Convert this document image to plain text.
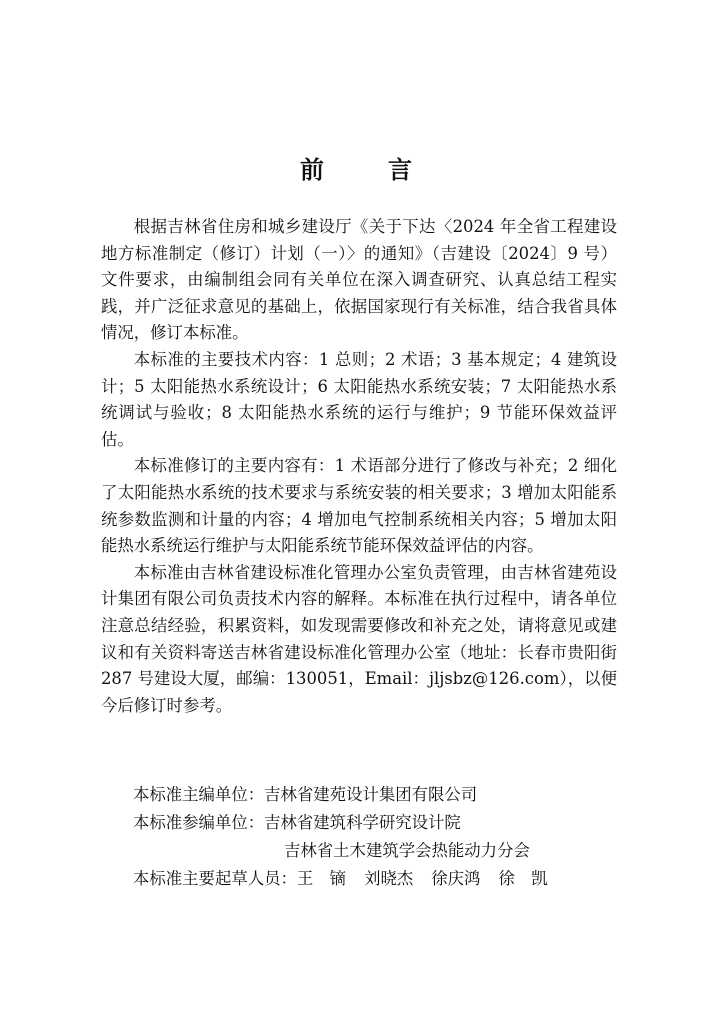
前　言

根据吉林省住房和城乡建设厅《关于下达〈2024 年全省工程建设地方标准制定（修订）计划（一）〉的通知》（吉建设〔2024〕9 号）文件要求，由编制组会同有关单位在深入调查研究、认真总结工程实践，并广泛征求意见的基础上，依据国家现行有关标准，结合我省具体情况，修订本标准。

本标准的主要技术内容：1 总则；2 术语；3 基本规定；4 建筑设计；5 太阳能热水系统设计；6 太阳能热水系统安装；7 太阳能热水系统调试与验收；8 太阳能热水系统的运行与维护；9 节能环保效益评估。

本标准修订的主要内容有：1 术语部分进行了修改与补充；2 细化了太阳能热水系统的技术要求与系统安装的相关要求；3 增加太阳能系统参数监测和计量的内容；4 增加电气控制系统相关内容；5 增加太阳能热水系统运行维护与太阳能系统节能环保效益评估的内容。

本标准由吉林省建设标准化管理办公室负责管理，由吉林省建苑设计集团有限公司负责技术内容的解释。本标准在执行过程中，请各单位注意总结经验，积累资料，如发现需要修改和补充之处，请将意见或建议和有关资料寄送吉林省建设标准化管理办公室（地址：长春市贵阳街 287 号建设大厦，邮编：130051，Email：jljsbz@126.com），以便今后修订时参考。

本标准主编单位： 吉林省建苑设计集团有限公司
本标准参编单位： 吉林省建筑科学研究设计院
吉林省土木建筑学会热能动力分会
本标准主要起草人员： 王　镝 刘晓杰 徐庆鸿 徐　凯
